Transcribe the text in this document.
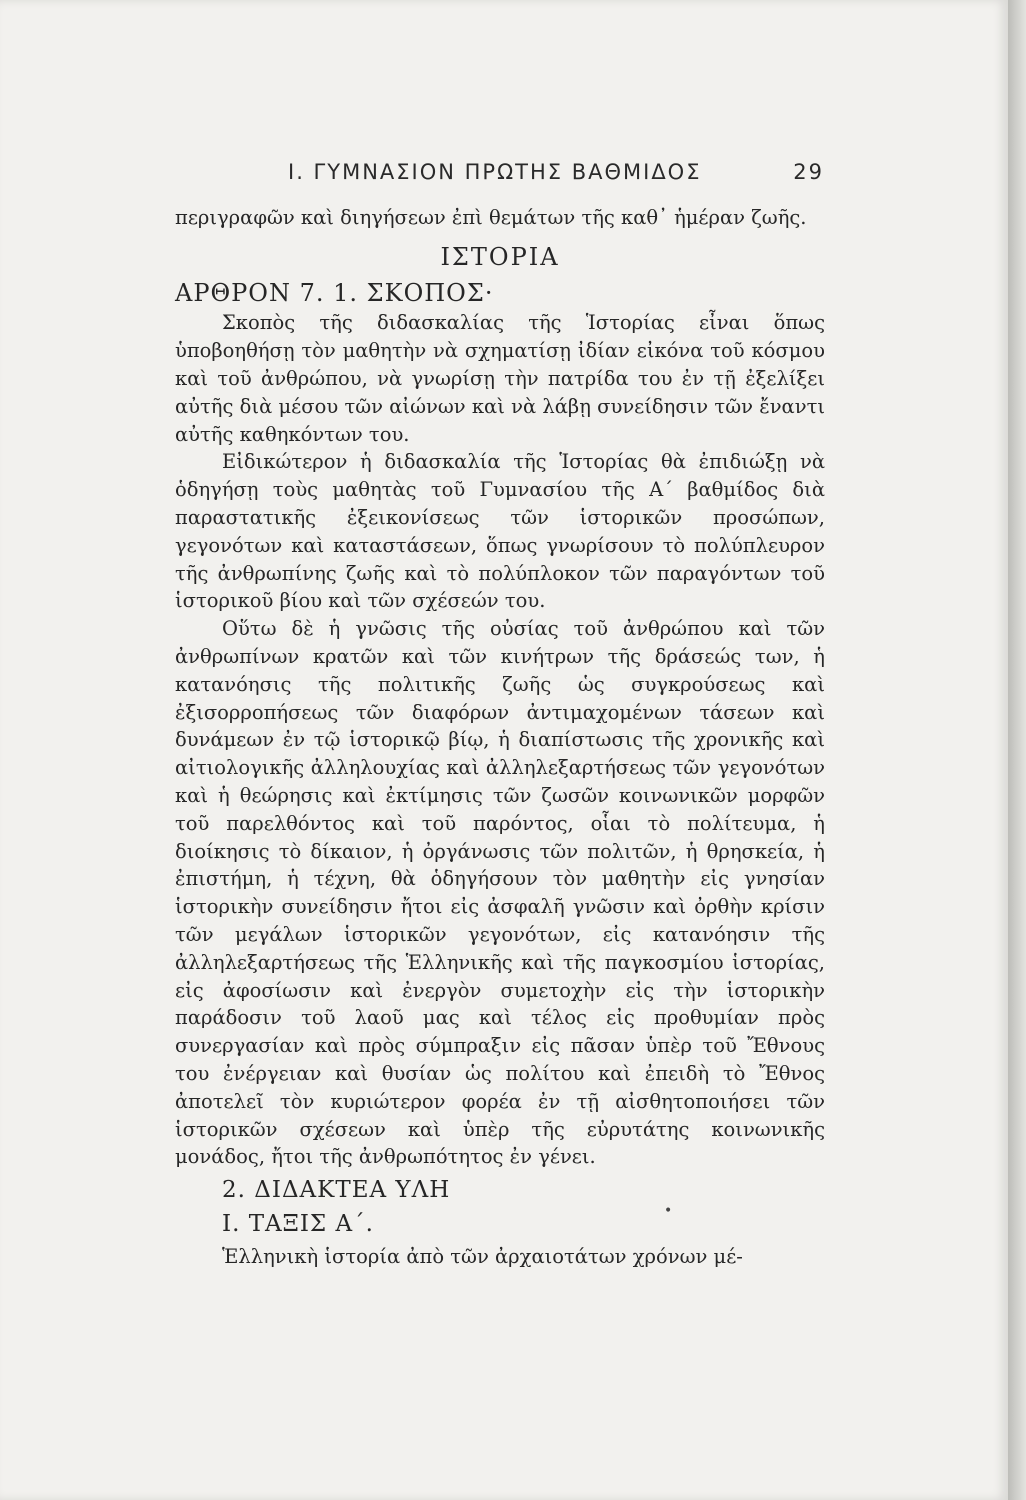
I. ΓΥΜΝΑΣΙΟΝ ΠΡΩΤΗΣ ΒΑΘΜΙΔΟΣ	29

περιγραφῶν καὶ διηγήσεων ἐπὶ θεμάτων τῆς καθ᾽ ἡμέραν ζωῆς.

ΙΣΤΟΡΙΑ

ΑΡΘΡΟΝ 7. 1. ΣΚΟΠΟΣ·

Σκοπὸς τῆς διδασκαλίας τῆς Ἱστορίας εἶναι ὅπως ὑποβοηθήσῃ τὸν μαθητὴν νὰ σχηματίσῃ ἰδίαν εἰκόνα τοῦ κόσμου καὶ τοῦ ἀνθρώπου, νὰ γνωρίσῃ τὴν πατρίδα του ἐν τῇ ἐξελίξει αὐτῆς διὰ μέσου τῶν αἰώνων καὶ νὰ λάβῃ συνείδησιν τῶν ἔναντι αὐτῆς καθηκόντων του.

Εἰδικώτερον ἡ διδασκαλία τῆς Ἱστορίας θὰ ἐπιδιώξῃ νὰ ὁδηγήσῃ τοὺς μαθητὰς τοῦ Γυμνασίου τῆς Α´ βαθμίδος διὰ παραστατικῆς ἐξεικονίσεως τῶν ἱστορικῶν προσώπων, γεγονότων καὶ καταστάσεων, ὅπως γνωρίσουν τὸ πολύπλευρον τῆς ἀνθρωπίνης ζωῆς καὶ τὸ πολύπλοκον τῶν παραγόντων τοῦ ἱστορικοῦ βίου καὶ τῶν σχέσεών του.

Οὕτω δὲ ἡ γνῶσις τῆς οὐσίας τοῦ ἀνθρώπου καὶ τῶν ἀνθρωπίνων κρατῶν καὶ τῶν κινήτρων τῆς δράσεώς των, ἡ κατανόησις τῆς πολιτικῆς ζωῆς ὡς συγκρούσεως καὶ ἐξισορροπήσεως τῶν διαφόρων ἀντιμαχομένων τάσεων καὶ δυνάμεων ἐν τῷ ἱστορικῷ βίῳ, ἡ διαπίστωσις τῆς χρονικῆς καὶ αἰτιολογικῆς ἀλληλουχίας καὶ ἀλληλεξαρτήσεως τῶν γεγονότων καὶ ἡ θεώρησις καὶ ἐκτίμησις τῶν ζωσῶν κοινωνικῶν μορφῶν τοῦ παρελθόντος καὶ τοῦ παρόντος, οἷαι τὸ πολίτευμα, ἡ διοίκησις τὸ δίκαιον, ἡ ὀργάνωσις τῶν πολιτῶν, ἡ θρησκεία, ἡ ἐπιστήμη, ἡ τέχνη, θὰ ὁδηγήσουν τὸν μαθητὴν εἰς γνησίαν ἱστορικὴν συνείδησιν ἤτοι εἰς ἀσφαλῆ γνῶσιν καὶ ὀρθὴν κρίσιν τῶν μεγάλων ἱστορικῶν γεγονότων, εἰς κατανόησιν τῆς ἀλληλεξαρτήσεως τῆς Ἑλληνικῆς καὶ τῆς παγκοσμίου ἱστορίας, εἰς ἀφοσίωσιν καὶ ἐνεργὸν συμετοχὴν εἰς τὴν ἱστορικὴν παράδοσιν τοῦ λαοῦ μας καὶ τέλος εἰς προθυμίαν πρὸς συνεργασίαν καὶ πρὸς σύμπραξιν εἰς πᾶσαν ὑπὲρ τοῦ Ἔθνους του ἐνέργειαν καὶ θυσίαν ὡς πολίτου καὶ ἐπειδὴ τὸ Ἔθνος ἀποτελεῖ τὸν κυριώτερον φορέα ἐν τῇ αἰσθητοποιήσει τῶν ἱστορικῶν σχέσεων καὶ ὑπὲρ τῆς εὐρυτάτης κοινωνικῆς μονάδος, ἤτοι τῆς ἀνθρωπότητος ἐν γένει.

2. ΔΙΔΑΚΤΕΑ ΥΛΗ

I. ΤΑΞΙΣ Α´.

Ἑλληνικὴ ἱστορία ἀπὸ τῶν ἀρχαιοτάτων χρόνων μέ-

•
